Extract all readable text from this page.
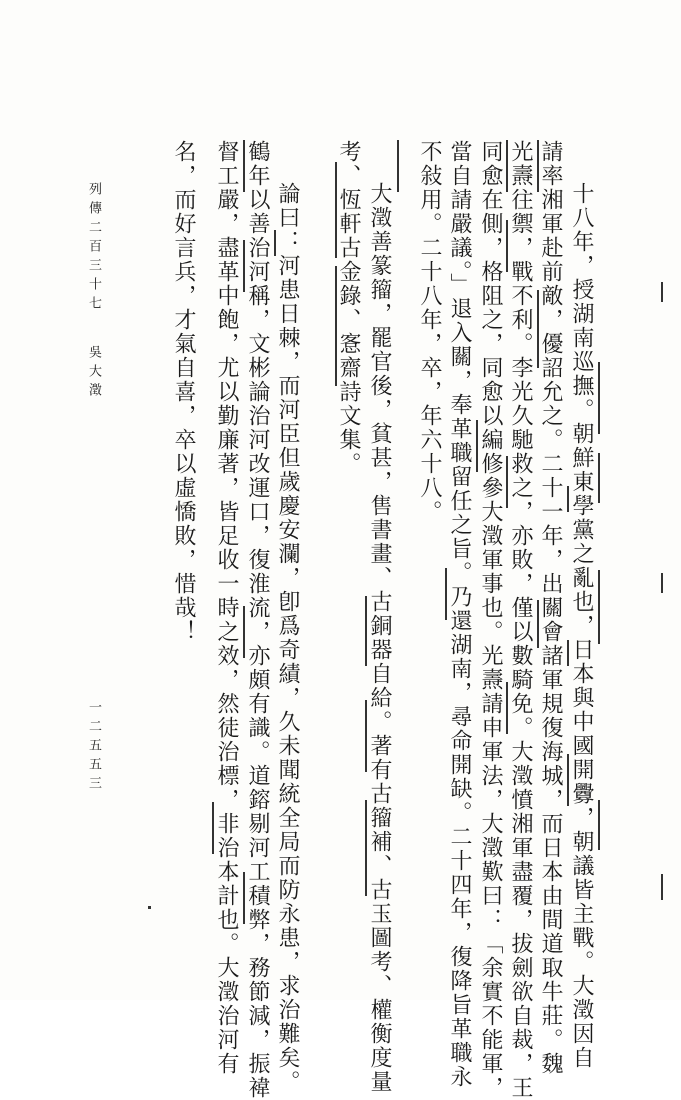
十八年，授湖南巡撫。朝鮮東學黨之亂也，日本與中國開釁，朝議皆主戰。大澂因自
請率湘軍赴前敵，優詔允之。二十一年，出關會諸軍規復海城，而日本由間道取牛莊。魏
光燾往禦，戰不利。李光久馳救之，亦敗，僅以數騎免。大澂憤湘軍盡覆，拔劍欲自裁，王
同愈在側，格阻之，同愈以編修參大澂軍事也。光燾請申軍法，大澂歎曰：「余實不能軍，
當自請嚴議。」退入關，奉革職留任之旨。乃還湖南，尋命開缺。二十四年，復降旨革職永
不敍用。二十八年，卒，年六十八。
大澂善篆籀，罷官後，貧甚，售書畫、古銅器自給。著有古籀補、古玉圖考、權衡度量
考、恆軒古金錄、愙齋詩文集。
論曰：河患日棘，而河臣但歲慶安瀾，卽爲奇績，久未聞統全局而防永患，求治難矣。
鶴年以善治河稱，文彬論治河改運口，復淮流，亦頗有識。道鎔剔河工積弊，務節減，振褘
督工嚴，盡革中飽，尤以勤廉著，皆足收一時之效，然徒治標，非治本計也。大澂治河有
名，而好言兵，才氣自喜，卒以虛憍敗，惜哉！
列傳二百三十七
吳大澂
一二五五三
